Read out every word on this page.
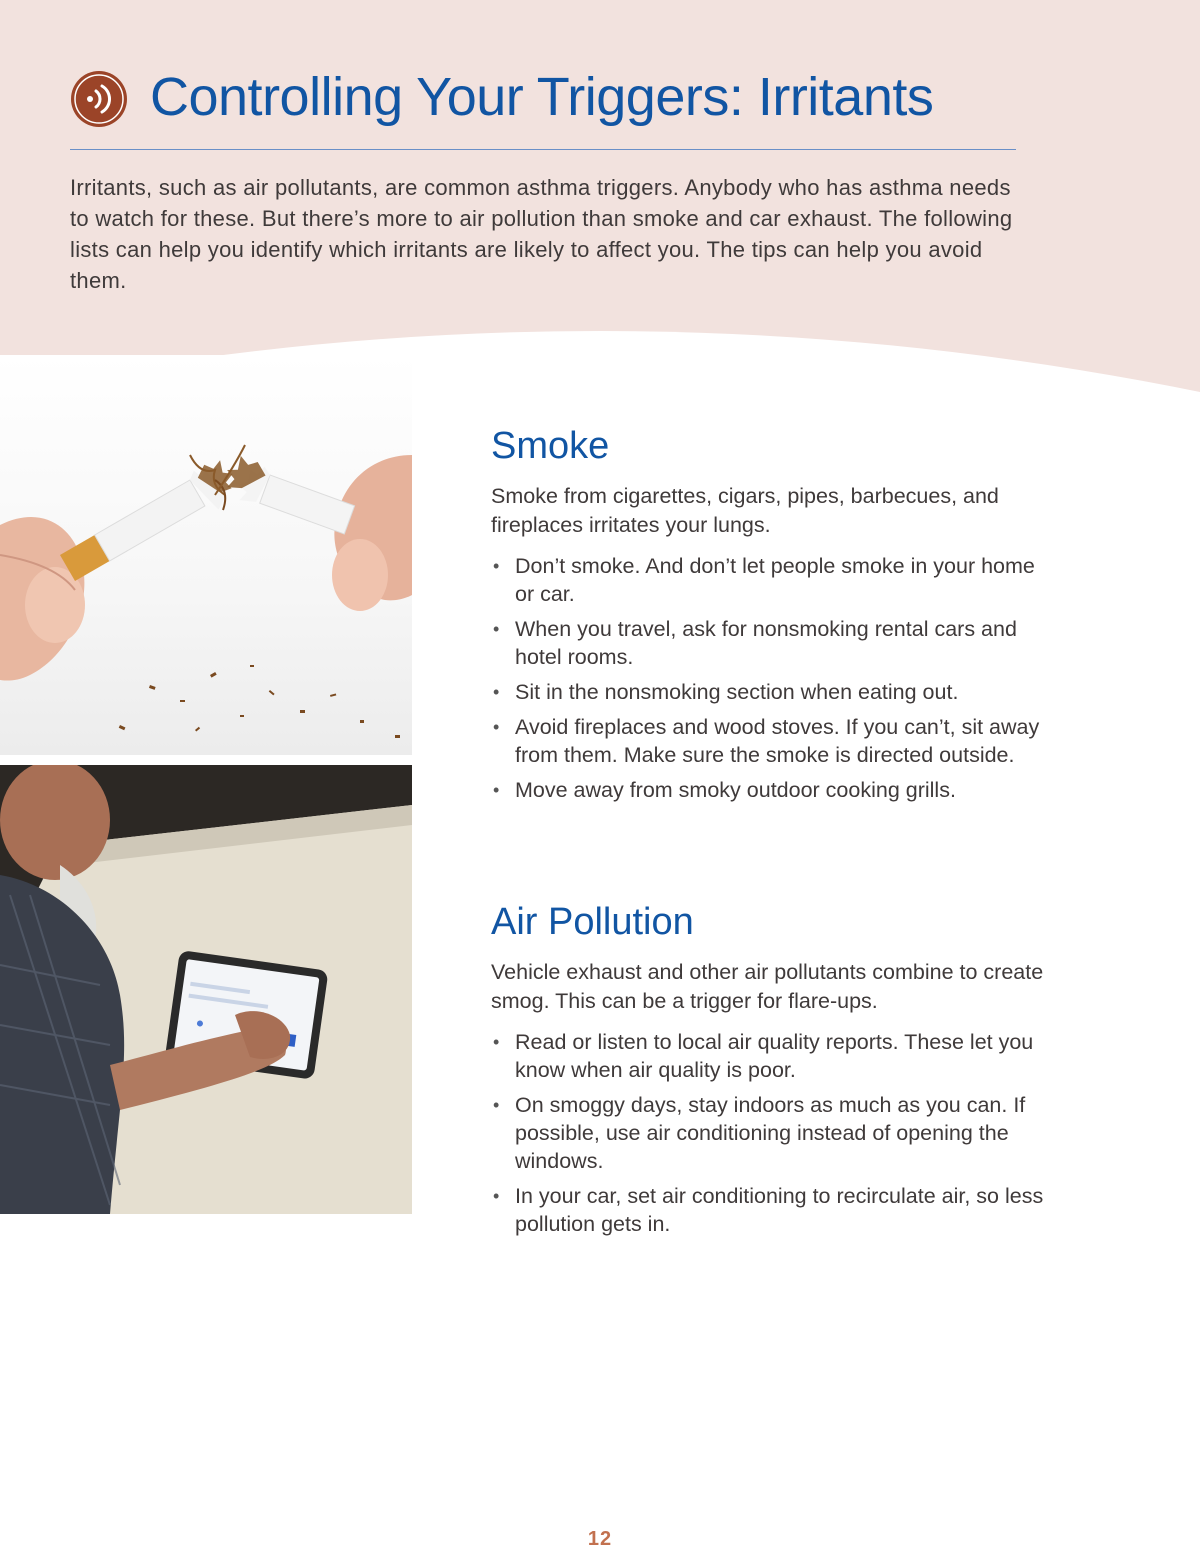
Controlling Your Triggers: Irritants

Irritants, such as air pollutants, are common asthma triggers. Anybody who has asthma needs to watch for these. But there’s more to air pollution than smoke and car exhaust. The following lists can help you identify which irritants are likely to affect you. The tips can help you avoid them.

Smoke

Smoke from cigarettes, cigars, pipes, barbecues, and fireplaces irritates your lungs.

• Don’t smoke. And don’t let people smoke in your home or car.
• When you travel, ask for nonsmoking rental cars and hotel rooms.
• Sit in the nonsmoking section when eating out.
• Avoid fireplaces and wood stoves. If you can’t, sit away from them. Make sure the smoke is directed outside.
• Move away from smoky outdoor cooking grills.
Air Pollution

Vehicle exhaust and other air pollutants combine to create smog. This can be a trigger for flare-ups.

• Read or listen to local air quality reports. These let you know when air quality is poor.
• On smoggy days, stay indoors as much as you can. If possible, use air conditioning instead of opening the windows.
• In your car, set air conditioning to recirculate air, so less pollution gets in.
12
